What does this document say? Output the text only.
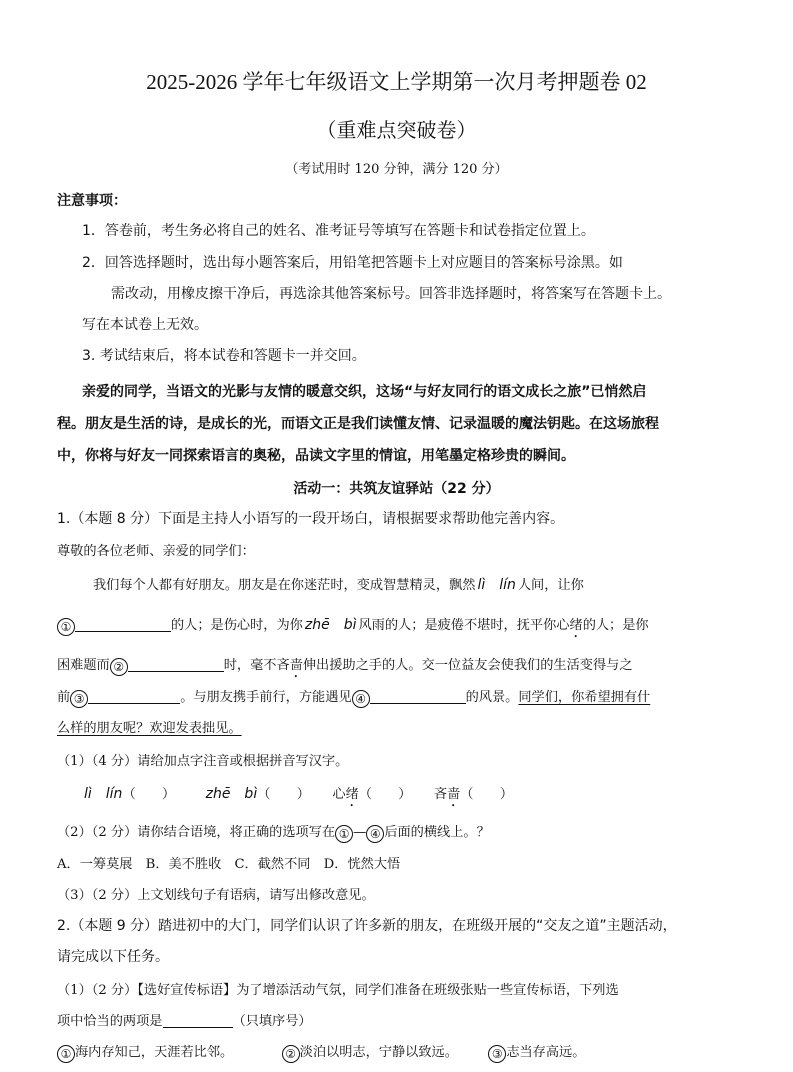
2025-2026 学年七年级语文上学期第一次月考押题卷 02
（重难点突破卷）
（考试用时 120 分钟，满分 120 分）
注意事项：
1．答卷前，考生务必将自己的姓名、准考证号等填写在答题卡和试卷指定位置上。
2．回答选择题时，选出每小题答案后，用铅笔把答题卡上对应题目的答案标号涂黑。如
需改动，用橡皮擦干净后，再选涂其他答案标号。回答非选择题时，将答案写在答题卡上。
写在本试卷上无效。
3. 考试结束后，将本试卷和答题卡一并交回。
亲爱的同学，当语文的光影与友情的暖意交织，这场“与好友同行的语文成长之旅”已悄然启
程。朋友是生活的诗，是成长的光，而语文正是我们读懂友情、记录温暖的魔法钥匙。在这场旅程
中，你将与好友一同探索语言的奥秘，品读文字里的情谊，用笔墨定格珍贵的瞬间。
活动一：共筑友谊驿站（22 分）
1.（本题 8 分）下面是主持人小语写的一段开场白，请根据要求帮助他完善内容。
尊敬的各位老师、亲爱的同学们：
我们每个人都有好朋友。朋友是在你迷茫时，变成智慧精灵，飘然 lì　lín 人间，让你
①	的人；是伤心时，为你 zhē　bì 风雨的人；是疲倦不堪时，抚平你心绪的人；是你
困难题而 ②	时，毫不吝啬伸出援助之手的人。交一位益友会使我们的生活变得与之
前 ③	。与朋友携手前行，方能遇见 ④	的风景。同学们，你希望拥有什
么样的朋友呢？欢迎发表拙见。
（1）（4 分）请给加点字注音或根据拼音写汉字。
lì　lín（　　） zhē　bì（　　） 心绪（　　） 吝啬（　　）
（2）（2 分）请你结合语境，将正确的选项写在 ① — ④ 后面的横线上。？
A．一筹莫展　B．美不胜收　C．截然不同　D．恍然大悟
（3）（2 分）上文划线句子有语病，请写出修改意见。
2.（本题 9 分）踏进初中的大门，同学们认识了许多新的朋友，在班级开展的“交友之道”主题活动，
请完成以下任务。
（1）（2 分）【选好宣传标语】为了增添活动气氛，同学们准备在班级张贴一些宣传标语，下列选
项中恰当的两项是	（只填序号）
① 海内存知己，天涯若比邻。	② 淡泊以明志，宁静以致远。	③ 志当存高远。
